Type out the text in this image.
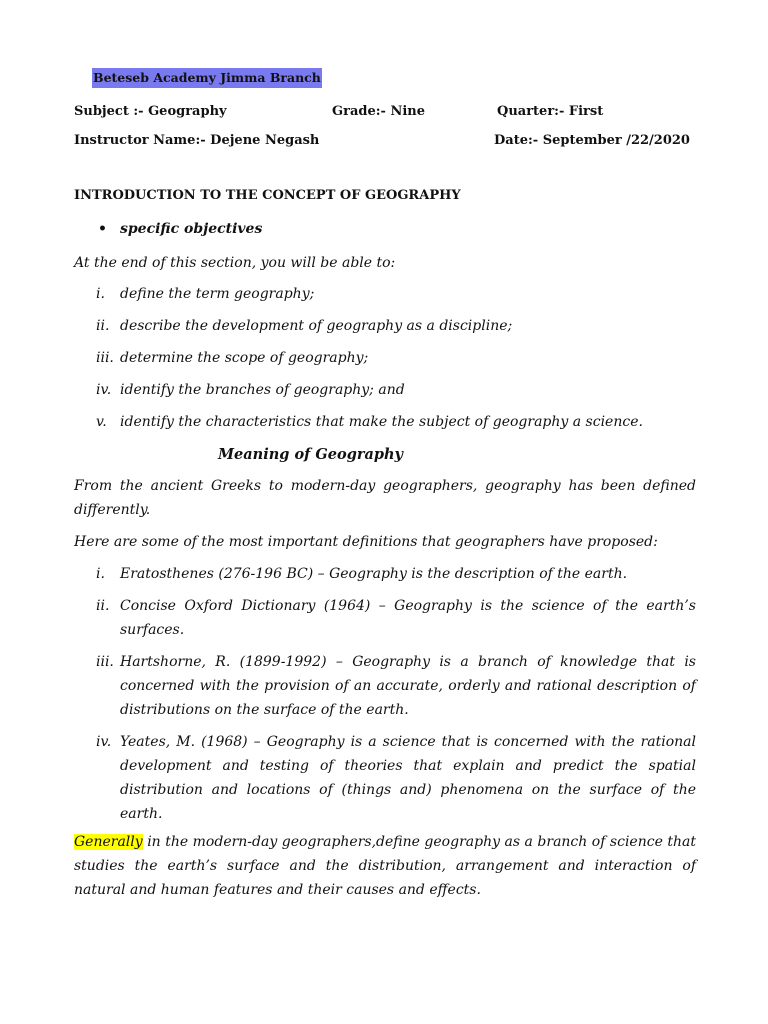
Beteseb Academy Jimma Branch
Subject :- Geography	Grade:- Nine	Quarter:- First
Instructor Name:- Dejene Negash	Date:- September /22/2020
INTRODUCTION TO THE CONCEPT OF GEOGRAPHY
• specific objectives
At the end of this section, you will be able to:
i. define the term geography;
ii. describe the development of geography as a discipline;
iii. determine the scope of geography;
iv. identify the branches of geography; and
v. identify the characteristics that make the subject of geography a science.
Meaning of Geography

From the ancient Greeks to modern-day geographers, geography has been defined differently.

Here are some of the most important definitions that geographers have proposed:

i. Eratosthenes (276-196 BC) – Geography is the description of the earth.
ii. Concise Oxford Dictionary (1964) – Geography is the science of the earth’s surfaces.
iii. Hartshorne, R. (1899-1992) – Geography is a branch of knowledge that is concerned with the provision of an accurate, orderly and rational description of distributions on the surface of the earth.
iv. Yeates, M. (1968) – Geography is a science that is concerned with the rational development and testing of theories that explain and predict the spatial distribution and locations of (things and) phenomena on the surface of the earth.

Generally in the modern-day geographers,define geography as a branch of science that studies the earth’s surface and the distribution, arrangement and interaction of natural and human features and their causes and effects.
